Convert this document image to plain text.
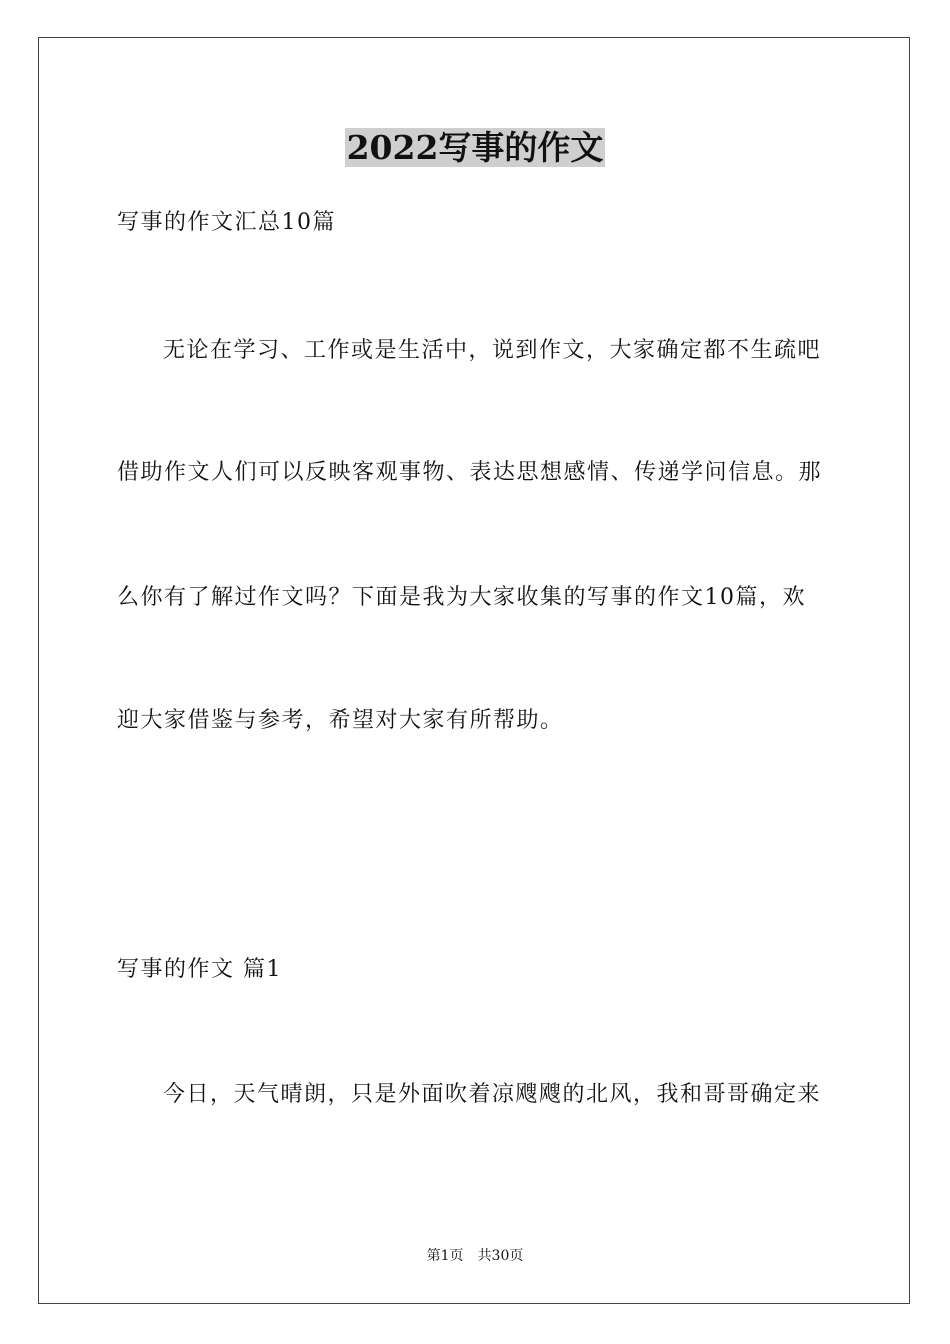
2022写事的作文
写事的作文汇总10篇
无论在学习、工作或是生活中，说到作文，大家确定都不生疏吧
借助作文人们可以反映客观事物、表达思想感情、传递学问信息。那
么你有了解过作文吗？下面是我为大家收集的写事的作文10篇，欢
迎大家借鉴与参考，希望对大家有所帮助。
写事的作文 篇1
今日，天气晴朗，只是外面吹着凉飕飕的北风，我和哥哥确定来
第1页 共30页
